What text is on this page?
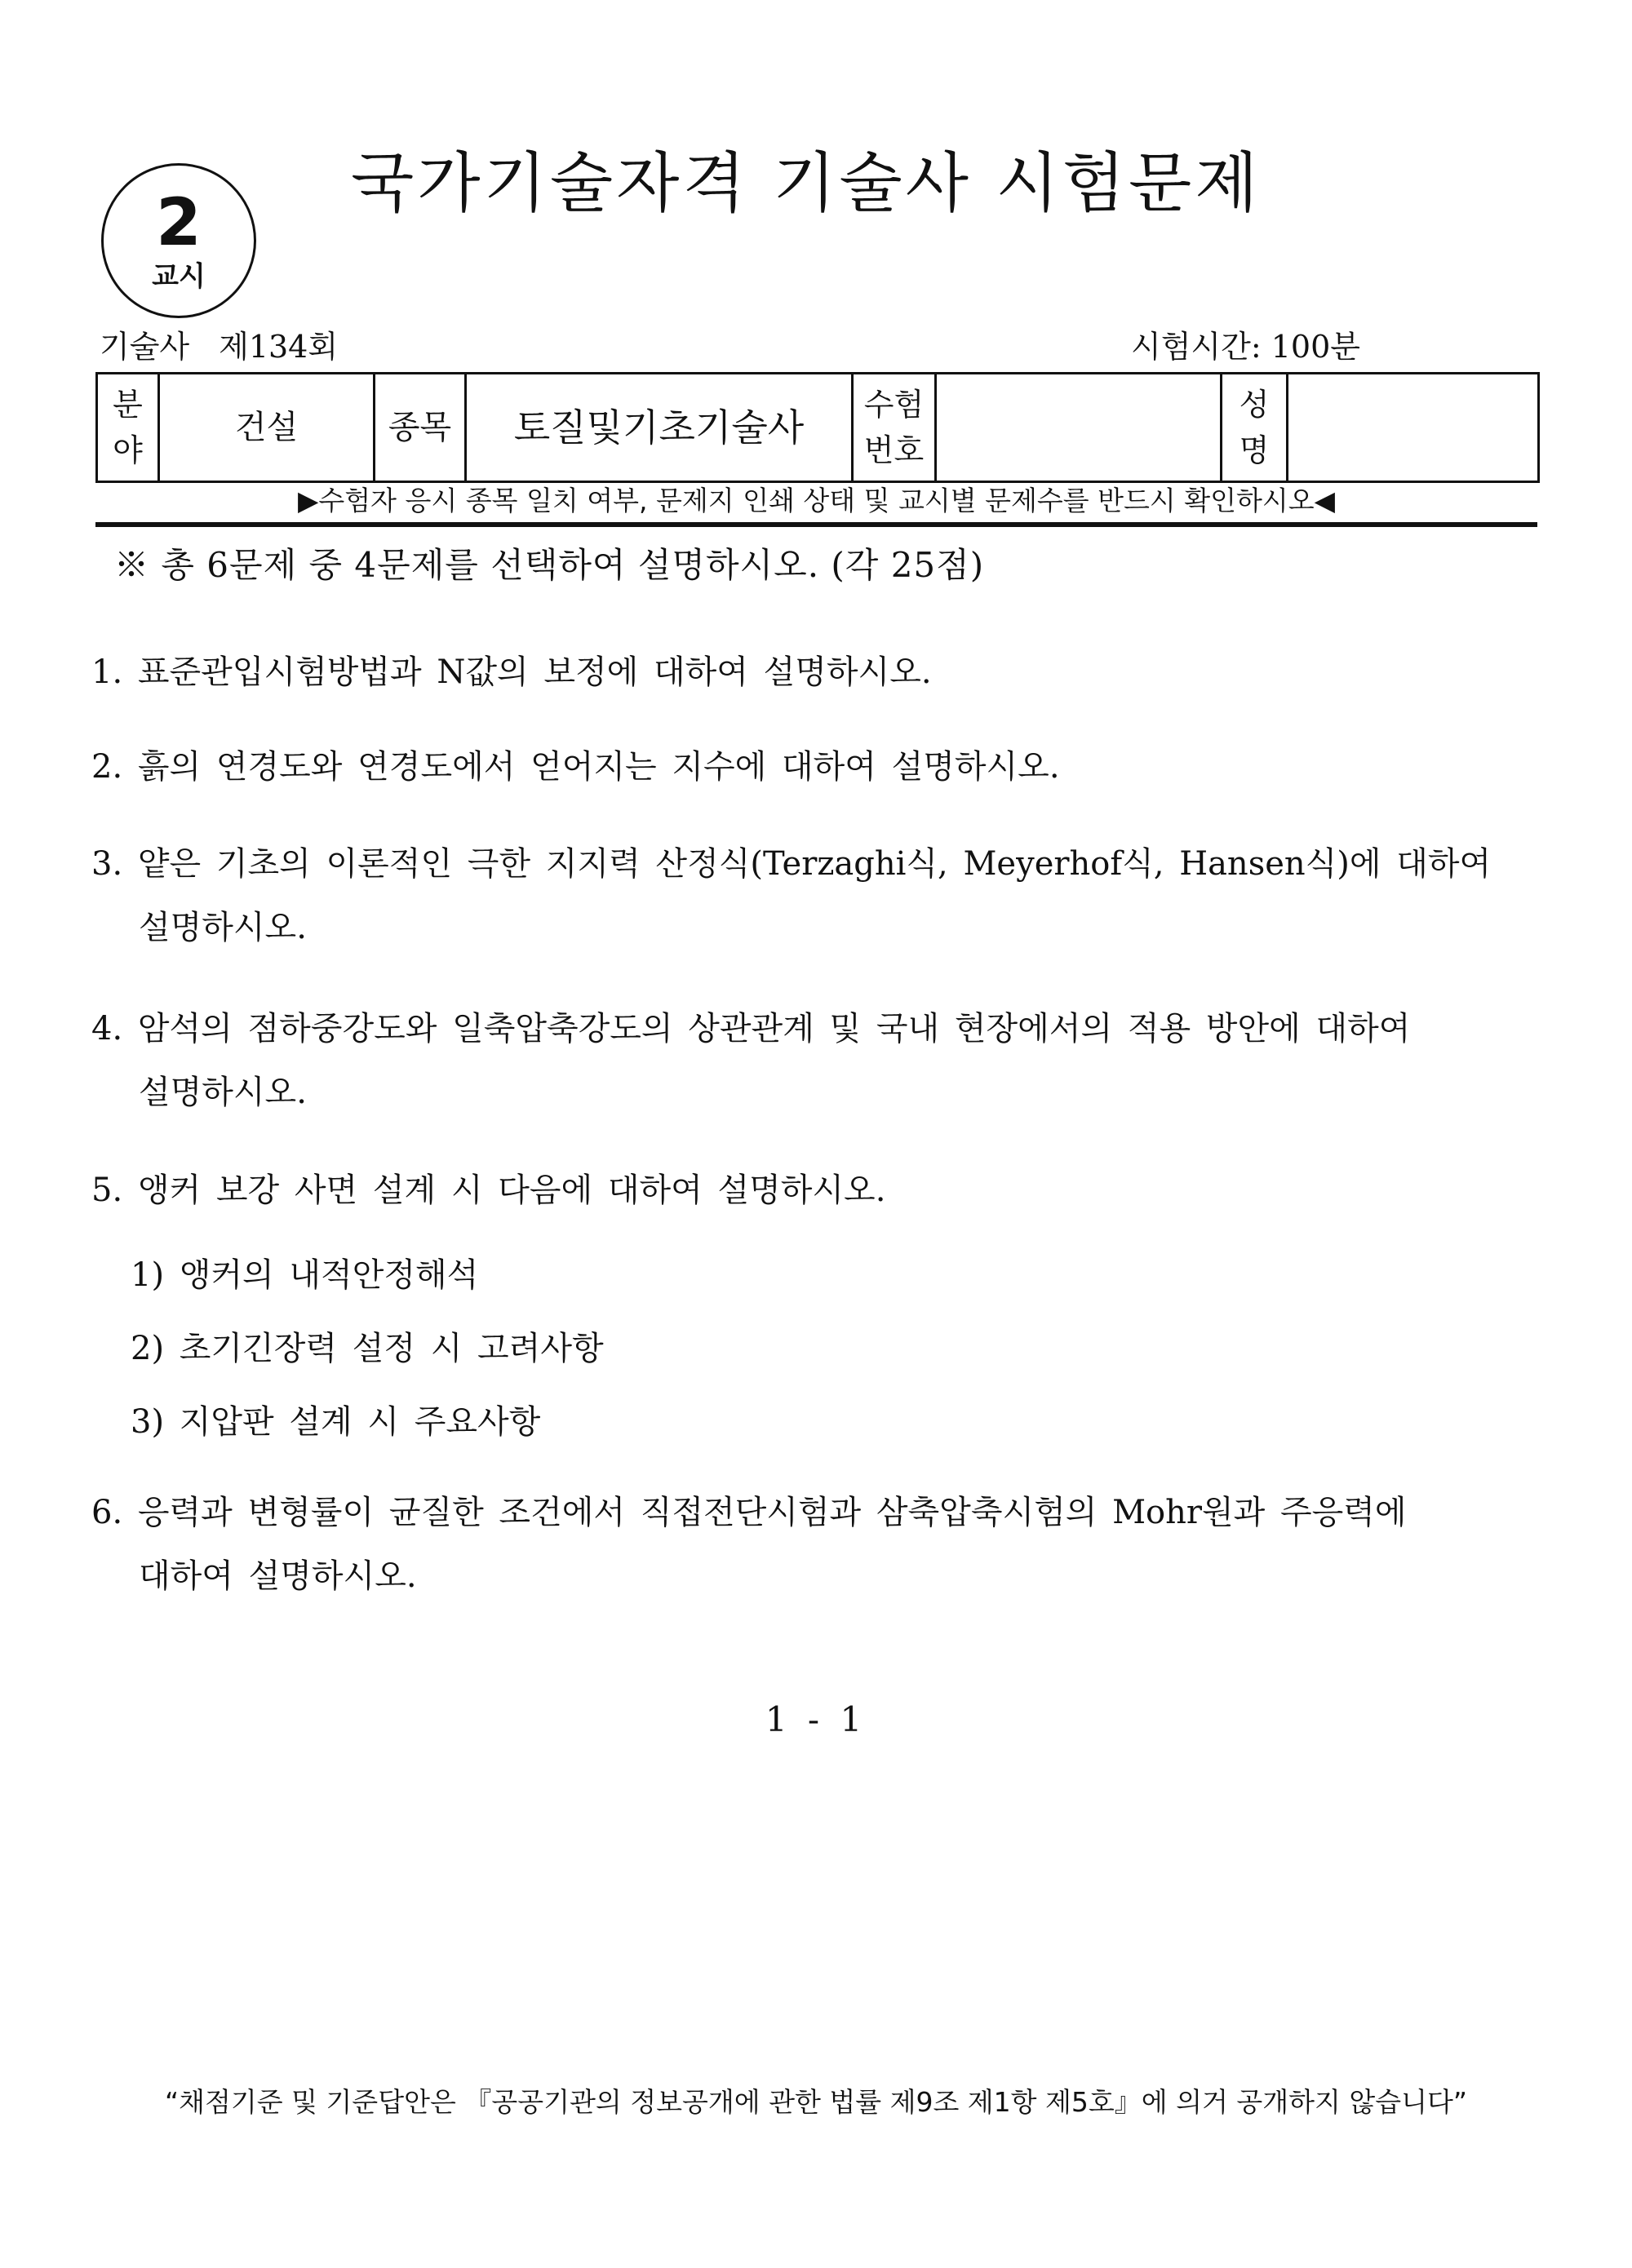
2
교시
국가기술자격 기술사 시험문제
기술사 제134회	시험시간: 100분
분야	건설	종목	토질및기초기술사	수험번호		성명	
▶수험자 응시 종목 일치 여부, 문제지 인쇄 상태 및 교시별 문제수를 반드시 확인하시오◀
※ 총 6문제 중 4문제를 선택하여 설명하시오. (각 25점)
1. 표준관입시험방법과 N값의 보정에 대하여 설명하시오.
2. 흙의 연경도와 연경도에서 얻어지는 지수에 대하여 설명하시오.
3. 얕은 기초의 이론적인 극한 지지력 산정식(Terzaghi식, Meyerhof식, Hansen식)에 대하여
설명하시오.
4. 암석의 점하중강도와 일축압축강도의 상관관계 및 국내 현장에서의 적용 방안에 대하여
설명하시오.
5. 앵커 보강 사면 설계 시 다음에 대하여 설명하시오.
1) 앵커의 내적안정해석
2) 초기긴장력 설정 시 고려사항
3) 지압판 설계 시 주요사항
6. 응력과 변형률이 균질한 조건에서 직접전단시험과 삼축압축시험의 Mohr원과 주응력에
대하여 설명하시오.
1 - 1
“채점기준 및 기준답안은 『공공기관의 정보공개에 관한 법률 제9조 제1항 제5호』에 의거 공개하지 않습니다”
